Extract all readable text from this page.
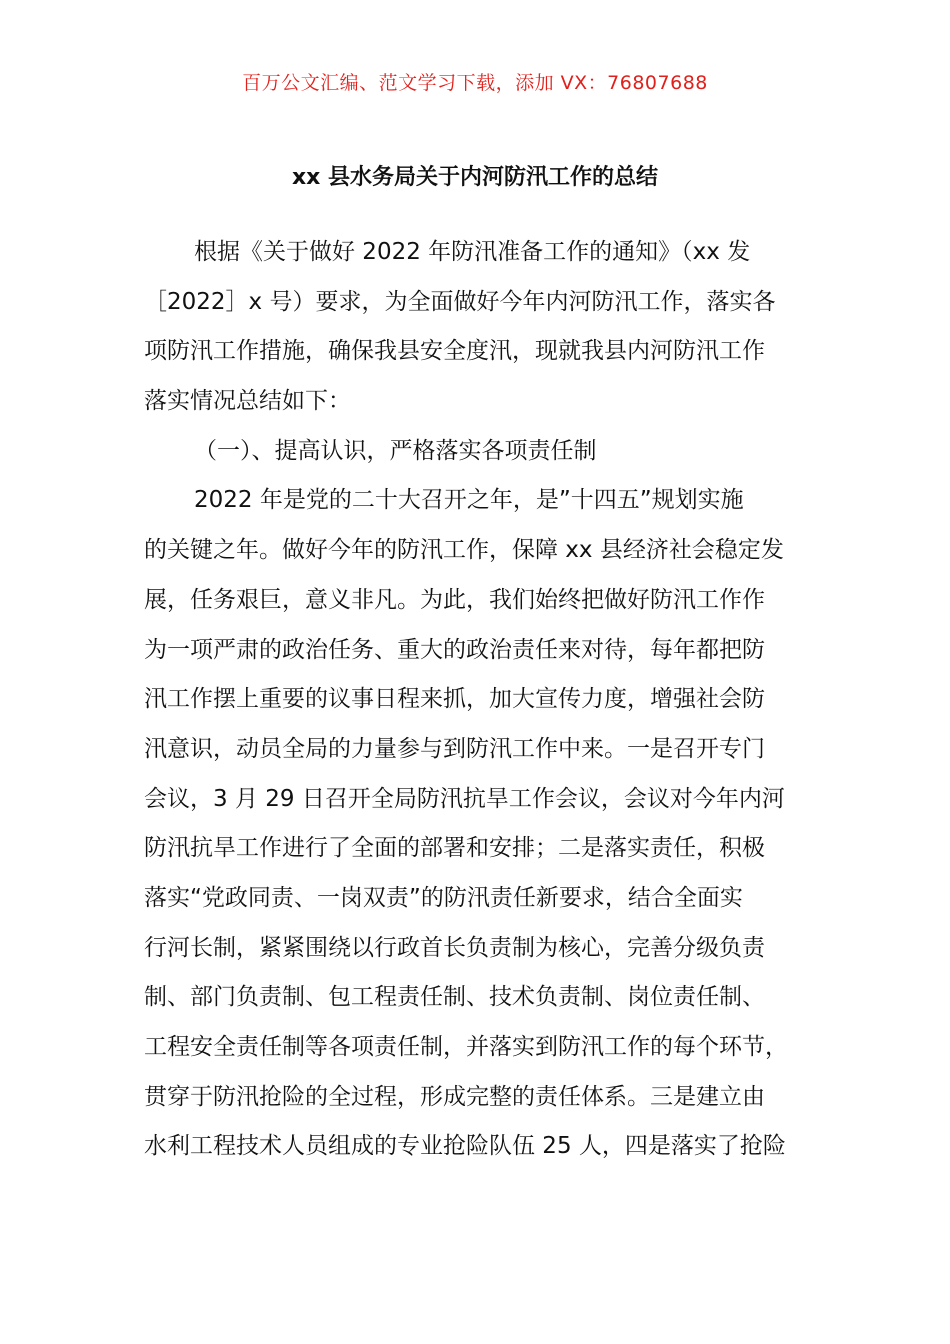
百万公文汇编、范文学习下载，添加 VX：76807688
xx 县水务局关于内河防汛工作的总结
根据《关于做好 2022 年防汛准备工作的通知》（xx 发
［2022］x 号）要求，为全面做好今年内河防汛工作，落实各
项防汛工作措施，确保我县安全度汛，现就我县内河防汛工作
落实情况总结如下：
（一）、提高认识，严格落实各项责任制
2022 年是党的二十大召开之年，是”十四五”规划实施
的关键之年。做好今年的防汛工作，保障 xx 县经济社会稳定发
展，任务艰巨，意义非凡。为此，我们始终把做好防汛工作作
为一项严肃的政治任务、重大的政治责任来对待，每年都把防
汛工作摆上重要的议事日程来抓，加大宣传力度，增强社会防
汛意识，动员全局的力量参与到防汛工作中来。一是召开专门
会议，3 月 29 日召开全局防汛抗旱工作会议，会议对今年内河
防汛抗旱工作进行了全面的部署和安排；二是落实责任，积极
落实“党政同责、一岗双责”的防汛责任新要求，结合全面实
行河长制，紧紧围绕以行政首长负责制为核心，完善分级负责
制、部门负责制、包工程责任制、技术负责制、岗位责任制、
工程安全责任制等各项责任制，并落实到防汛工作的每个环节，
贯穿于防汛抢险的全过程，形成完整的责任体系。三是建立由
水利工程技术人员组成的专业抢险队伍 25 人，四是落实了抢险
